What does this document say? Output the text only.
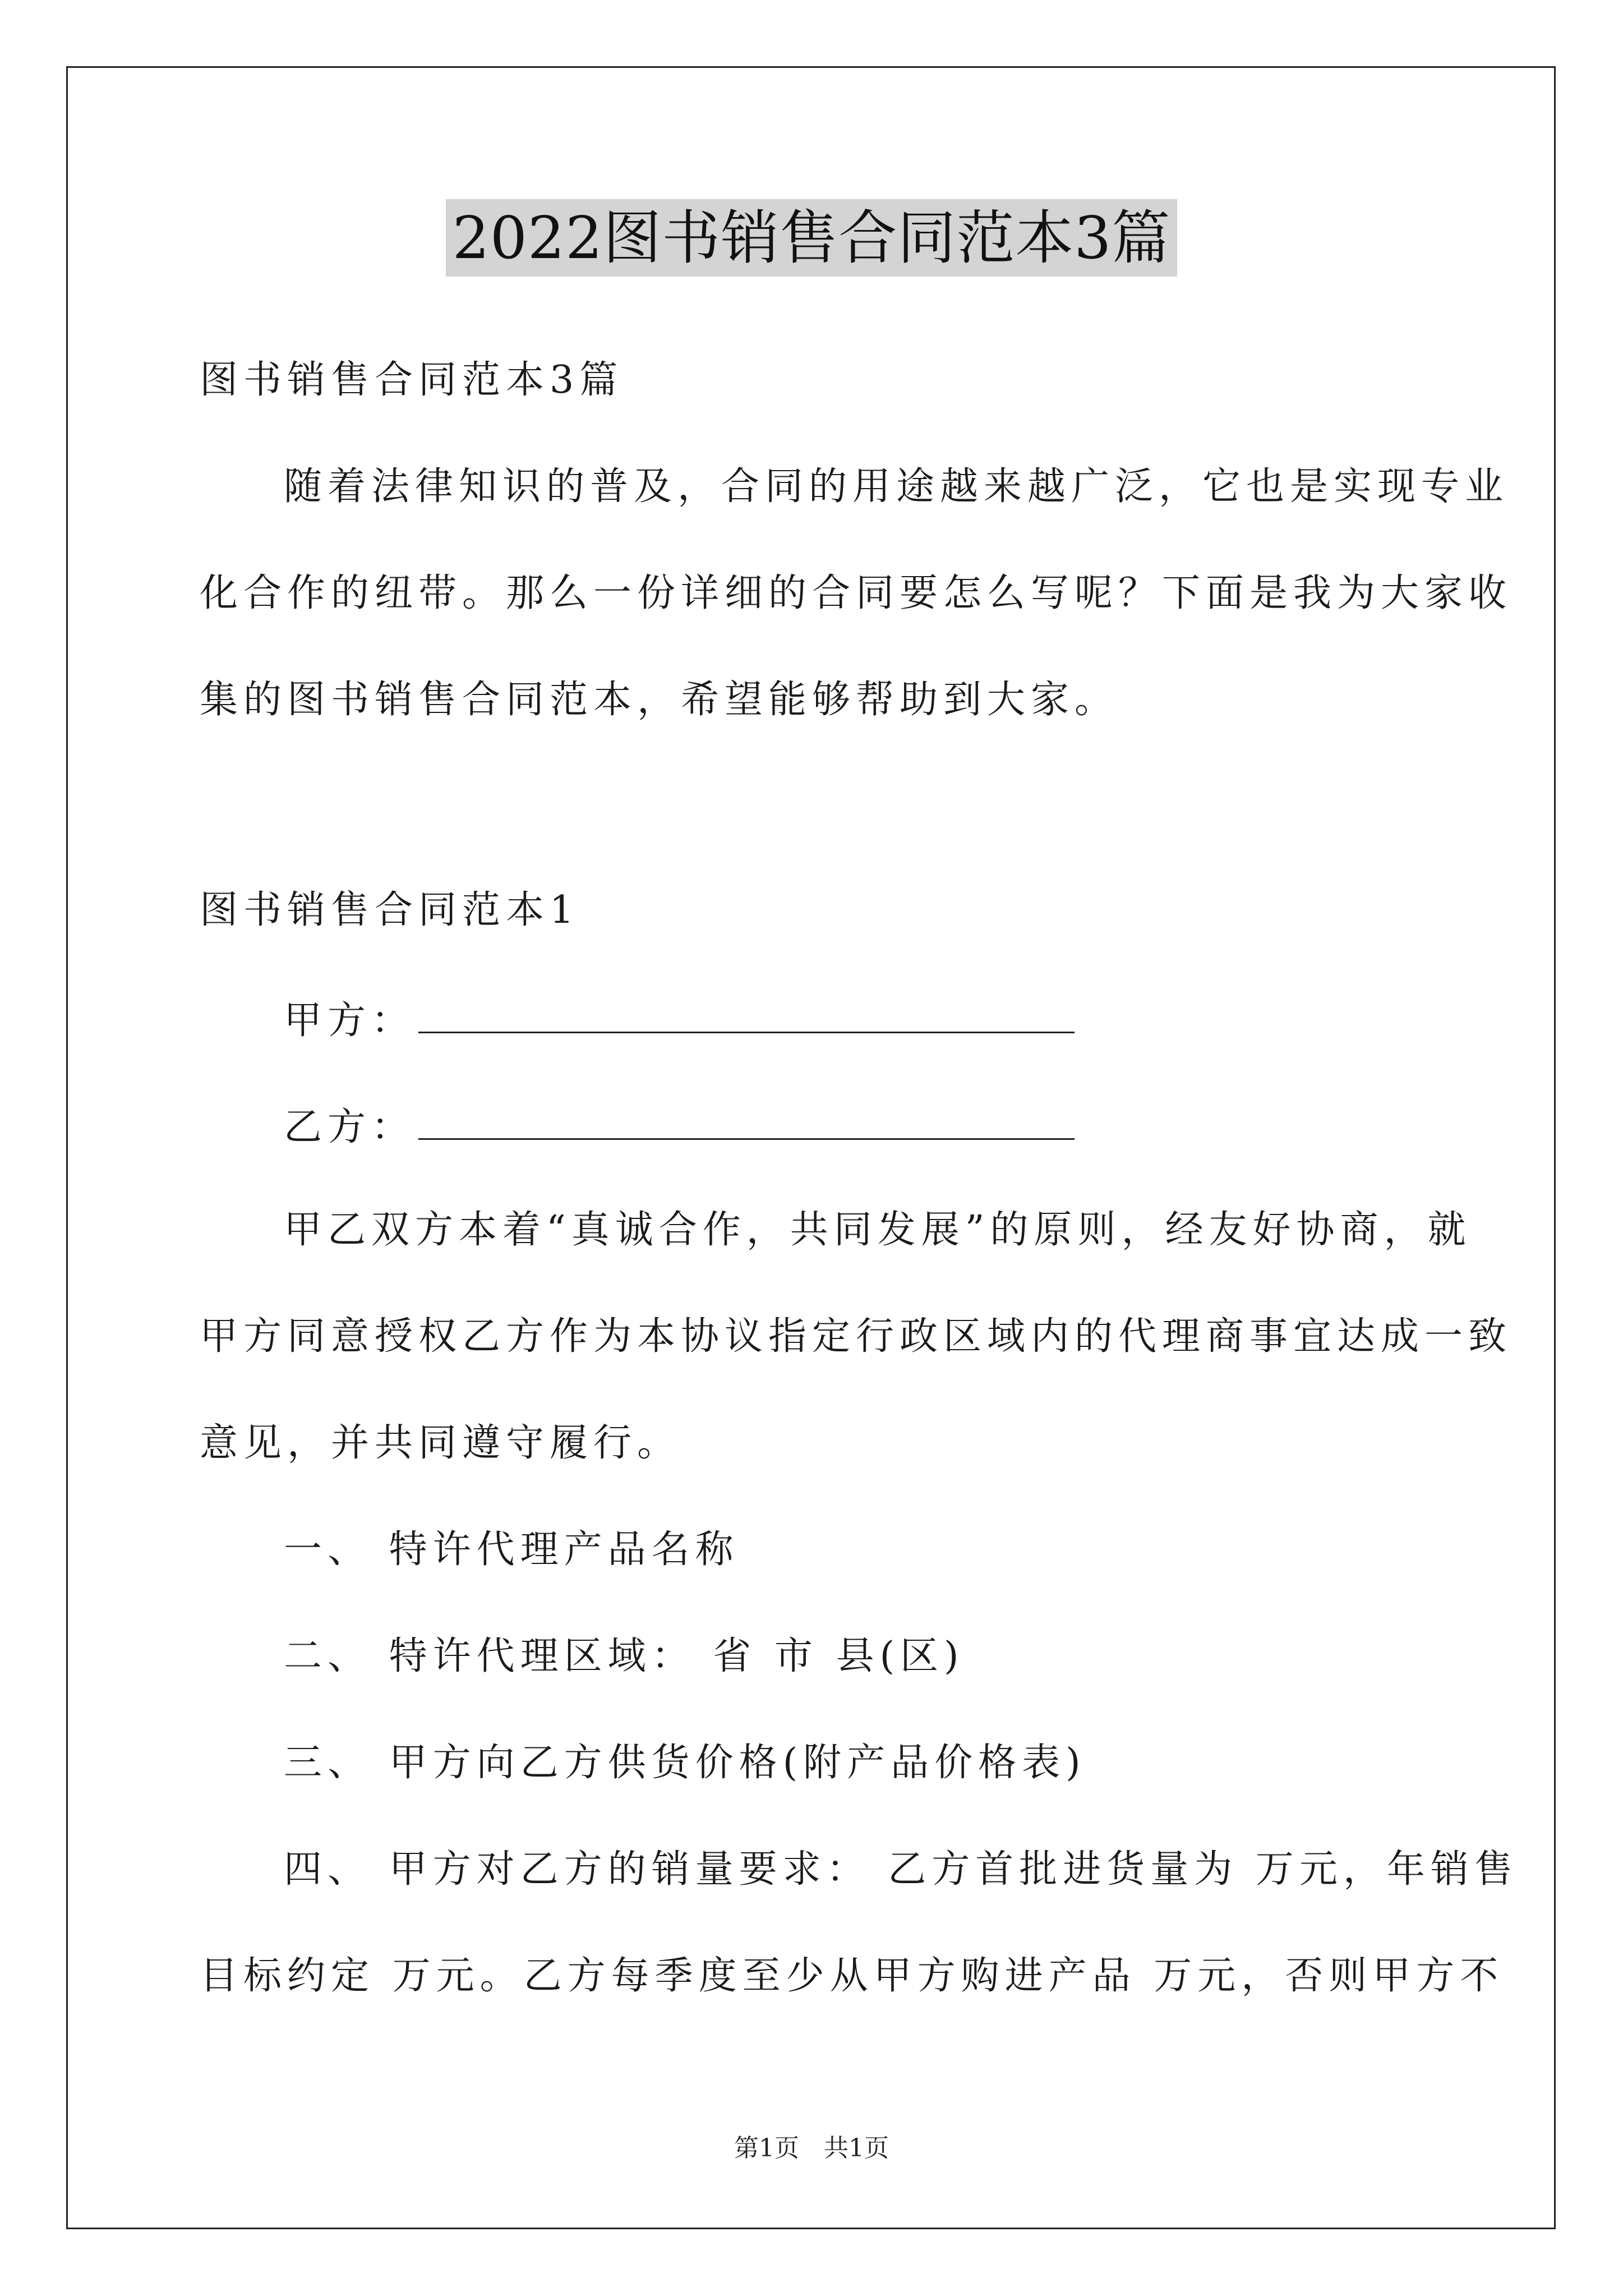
2022图书销售合同范本3篇
图书销售合同范本3篇
随着法律知识的普及，合同的用途越来越广泛，它也是实现专业
化合作的纽带。那么一份详细的合同要怎么写呢？下面是我为大家收
集的图书销售合同范本，希望能够帮助到大家。
图书销售合同范本1
甲方：
乙方：
甲乙双方本着“真诚合作，共同发展”的原则，经友好协商，就
甲方同意授权乙方作为本协议指定行政区域内的代理商事宜达成一致
意见，并共同遵守履行。
一、 特许代理产品名称
二、 特许代理区域： 省 市 县(区)
三、 甲方向乙方供货价格(附产品价格表)
四、 甲方对乙方的销量要求： 乙方首批进货量为 万元，年销售
目标约定 万元。乙方每季度至少从甲方购进产品 万元，否则甲方不
第1页　共1页
